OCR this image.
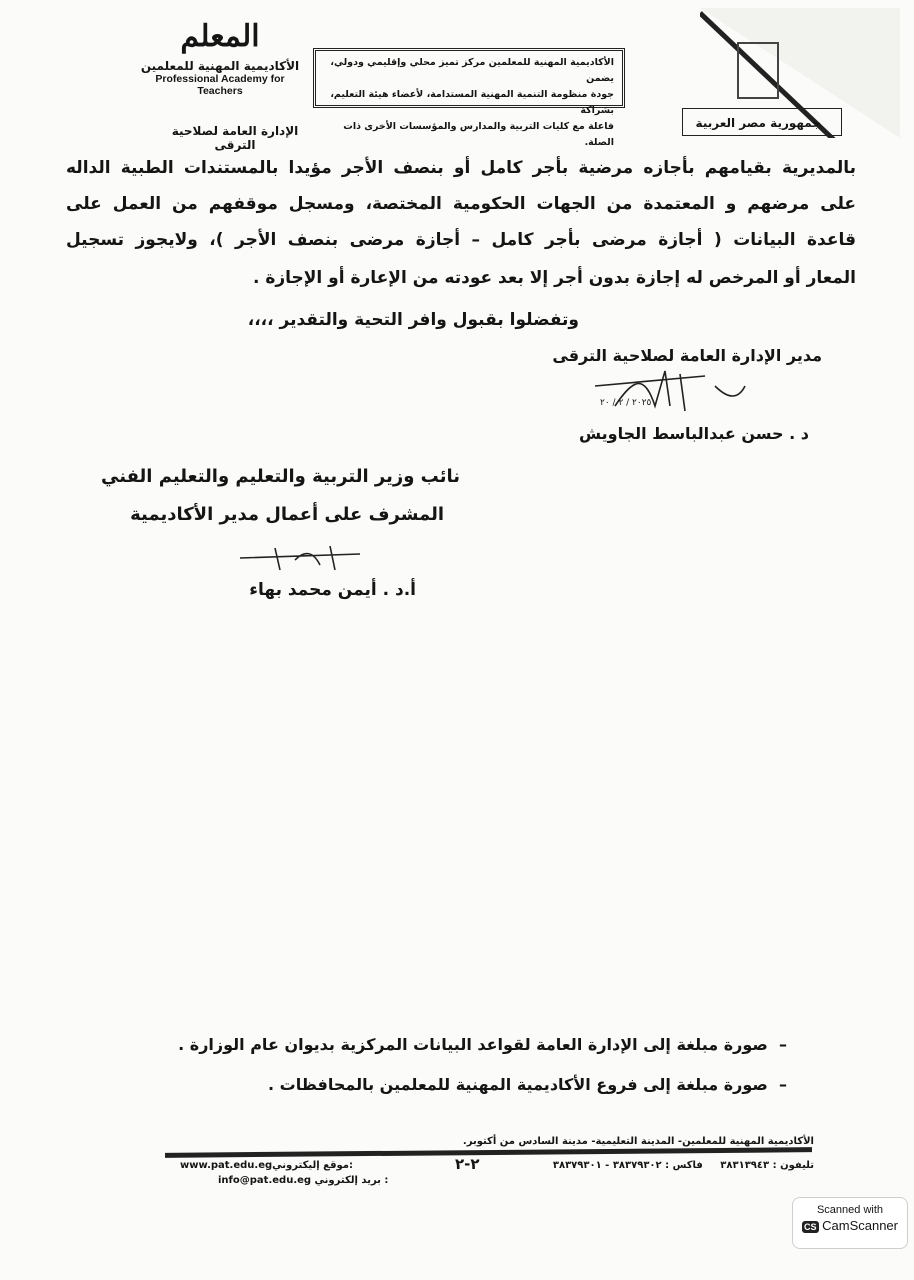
المعلم
الأكاديمية المهنية للمعلمين
Professional Academy for Teachers
الإدارة العامة لصلاحية الترقى
الأكاديمية المهنية للمعلمين مركز تميز محلي وإقليمي ودولي، يضمن
جودة منظومة التنمية المهنية المستدامة، لأعضاء هيئة التعليم، بشراكة
فاعلة مع كليات التربية والمدارس والمؤسسات الأخرى ذات الصلة.
جمهورية مصر العربية
بالمديرية بقيامهم بأجازه مرضية بأجر كامل أو بنصف الأجر مؤيدا بالمستندات الطبية الداله
على مرضهم و المعتمدة من الجهات الحكومية المختصة، ومسجل موقفهم من العمل على
قاعدة البيانات ( أجازة مرضى بأجر كامل – أجازة مرضى بنصف الأجر )، ولايجوز تسجيل
المعار أو المرخص له إجازة بدون أجر إلا بعد عودته من الإعارة أو الإجازة .
وتفضلوا بقبول وافر التحية والتقدير ،،،،
مدير الإدارة العامة لصلاحية الترقى
٢٠٢٥ / ٢ / ٢٠
د . حسن عبدالباسط الجاويش
نائب وزير التربية والتعليم والتعليم الفني
المشرف على أعمال مدير الأكاديمية
أ.د . أيمن محمد بهاء
–  صورة مبلغة إلى الإدارة العامة لقواعد البيانات المركزية بديوان عام الوزارة .
–  صورة مبلغة إلى فروع الأكاديمية المهنية للمعلمين بالمحافظات .
الأكاديمية المهنية للمعلمين- المدينة التعليمية- مدينة السادس من أكتوبر.
تليفون : ٣٨٣١٣٩٤٣     فاكس : ٣٨٣٧٩٣٠٢ - ٣٨٣٧٩٣٠١
٢-٢
www.pat.edu.egموقع إليكتروني:
info@pat.edu.eg بريد إلكتروني :
Scanned with
CS CamScanner
